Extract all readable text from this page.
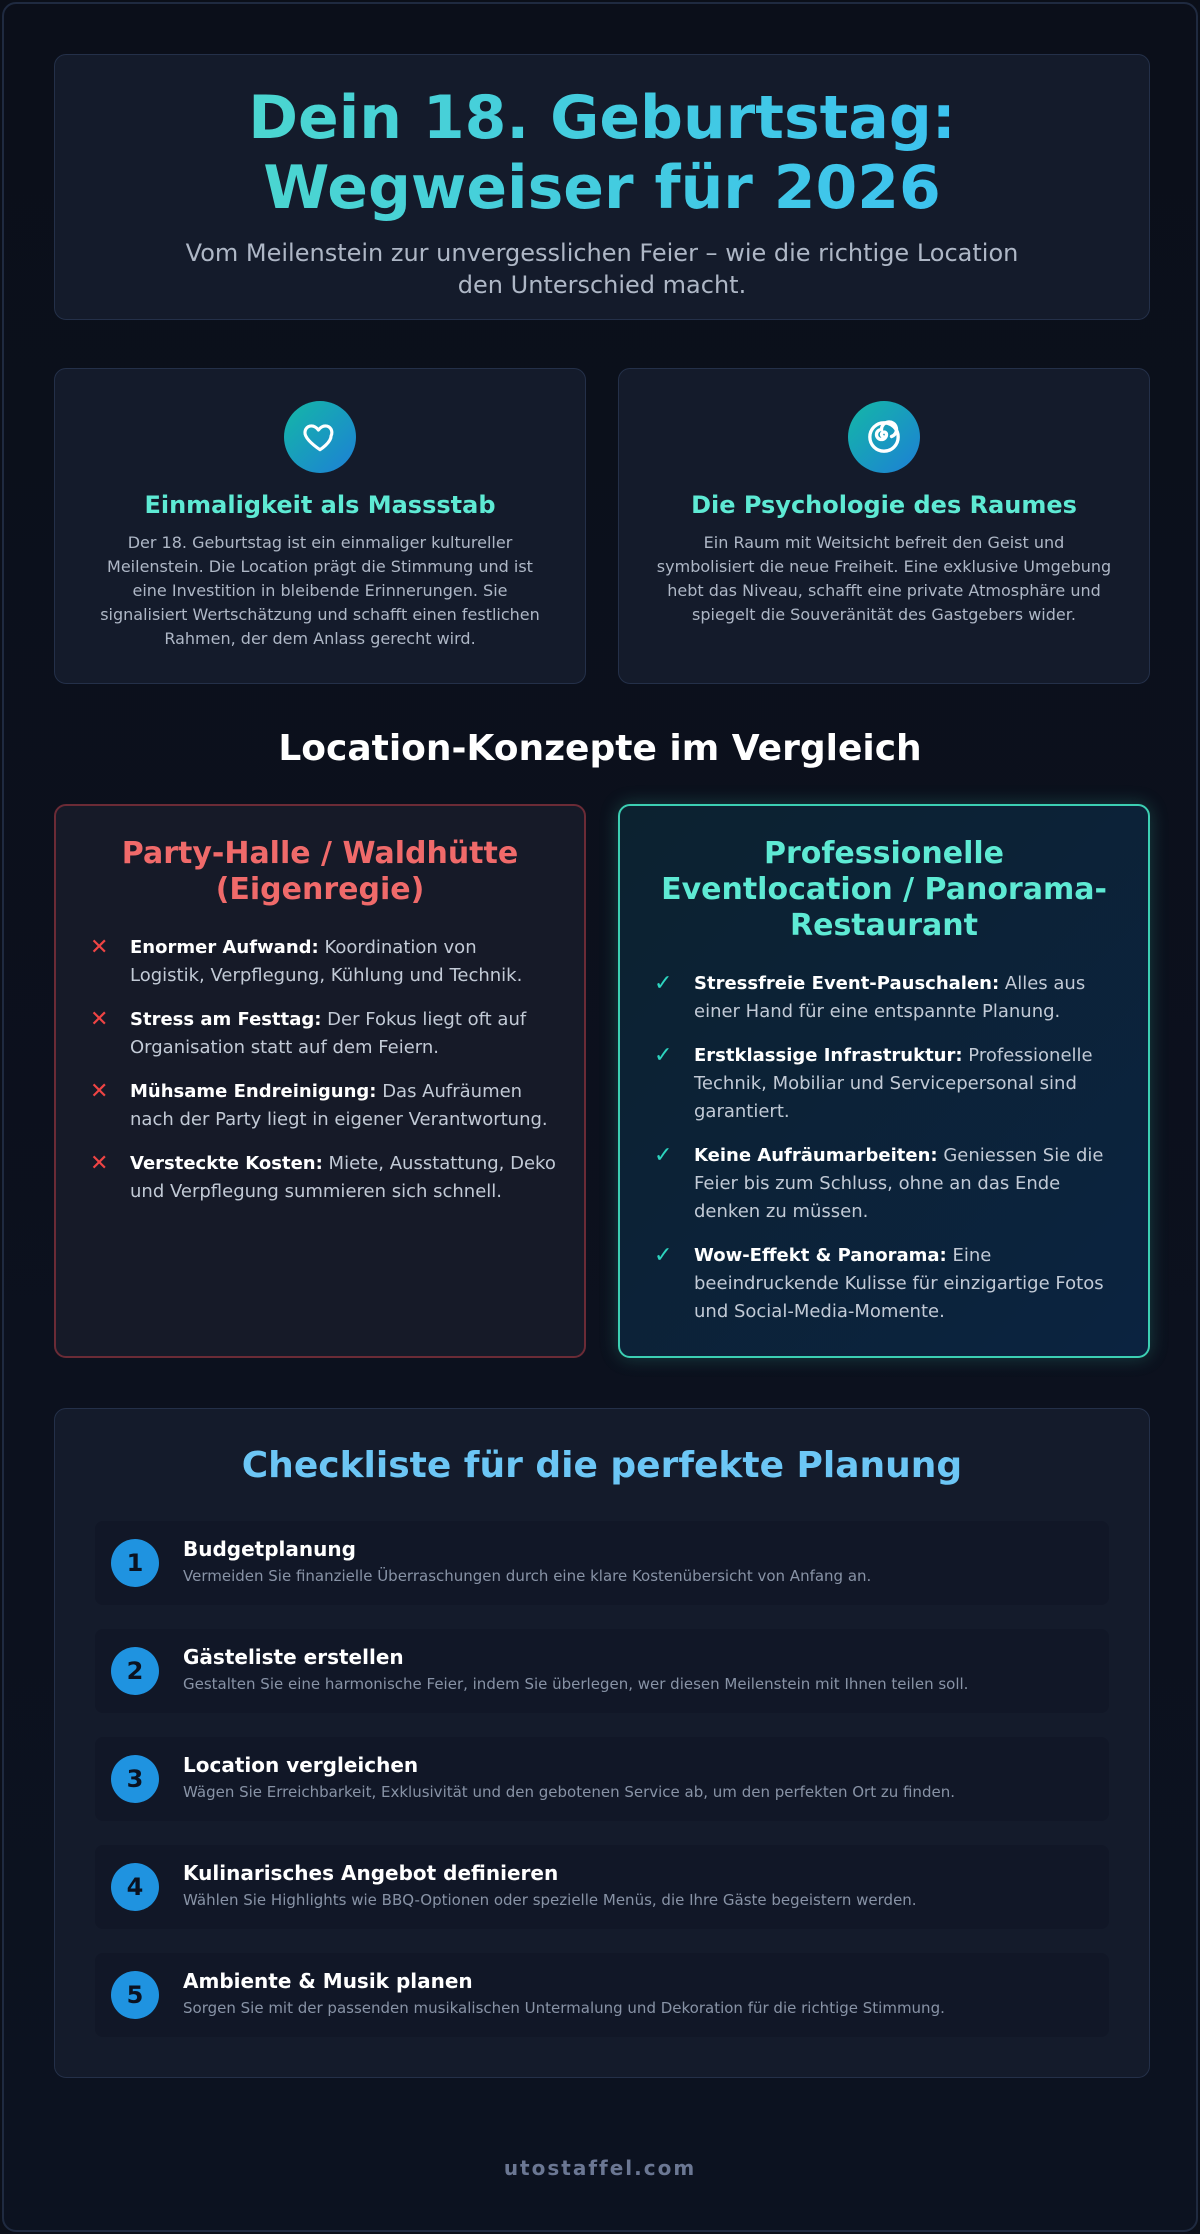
Dein 18. Geburtstag:
Wegweiser für 2026
Vom Meilenstein zur unvergesslichen Feier – wie die richtige Location den Unterschied macht.
Einmaligkeit als Massstab
Der 18. Geburtstag ist ein einmaliger kultureller Meilenstein. Die Location prägt die Stimmung und ist eine Investition in bleibende Erinnerungen. Sie signalisiert Wertschätzung und schafft einen festlichen Rahmen, der dem Anlass gerecht wird.
Die Psychologie des Raumes
Ein Raum mit Weitsicht befreit den Geist und symbolisiert die neue Freiheit. Eine exklusive Umgebung hebt das Niveau, schafft eine private Atmosphäre und spiegelt die Souveränität des Gastgebers wider.
Location-Konzepte im Vergleich
Party-Halle / Waldhütte (Eigenregie)
✕ Enormer Aufwand: Koordination von Logistik, Verpflegung, Kühlung und Technik.
✕ Stress am Festtag: Der Fokus liegt oft auf Organisation statt auf dem Feiern.
✕ Mühsame Endreinigung: Das Aufräumen nach der Party liegt in eigener Verantwortung.
✕ Versteckte Kosten: Miete, Ausstattung, Deko und Verpflegung summieren sich schnell.
Professionelle Eventlocation / Panorama-Restaurant
✓ Stressfreie Event-Pauschalen: Alles aus einer Hand für eine entspannte Planung.
✓ Erstklassige Infrastruktur: Professionelle Technik, Mobiliar und Servicepersonal sind garantiert.
✓ Keine Aufräumarbeiten: Geniessen Sie die Feier bis zum Schluss, ohne an das Ende denken zu müssen.
✓ Wow-Effekt & Panorama: Eine beeindruckende Kulisse für einzigartige Fotos und Social-Media-Momente.
Checkliste für die perfekte Planung
1	Budgetplanung
Vermeiden Sie finanzielle Überraschungen durch eine klare Kostenübersicht von Anfang an.
2	Gästeliste erstellen
Gestalten Sie eine harmonische Feier, indem Sie überlegen, wer diesen Meilenstein mit Ihnen teilen soll.
3	Location vergleichen
Wägen Sie Erreichbarkeit, Exklusivität und den gebotenen Service ab, um den perfekten Ort zu finden.
4	Kulinarisches Angebot definieren
Wählen Sie Highlights wie BBQ-Optionen oder spezielle Menüs, die Ihre Gäste begeistern werden.
5	Ambiente & Musik planen
Sorgen Sie mit der passenden musikalischen Untermalung und Dekoration für die richtige Stimmung.
utostaffel.com
